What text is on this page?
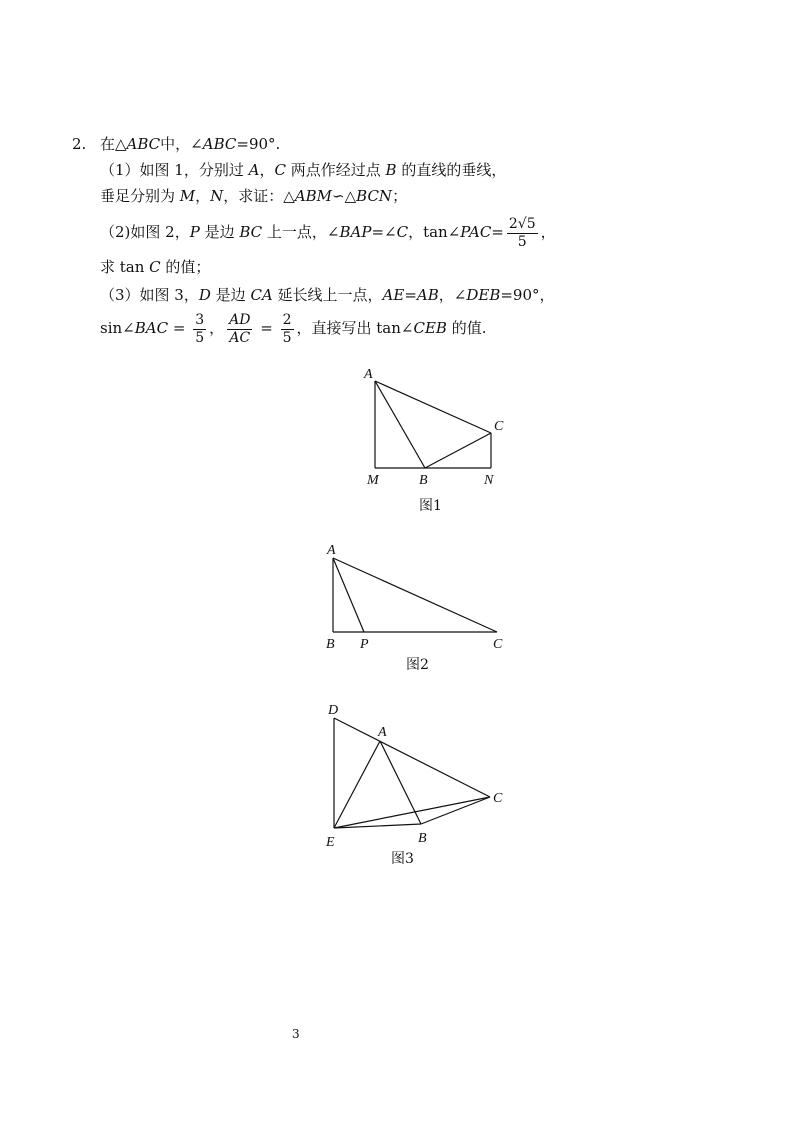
2. 在△ABC中，∠ABC=90°.
（1）如图 1，分别过 A，C 两点作经过点 B 的直线的垂线，
垂足分别为 M，N，求证：△ABM∽△BCN；
（2)如图 2，P 是边 BC 上一点，∠BAP=∠C，tan∠PAC= $\frac{2√5}{5}$ ，
求 tan C 的值；
（3）如图 3，D 是边 CA 延长线上一点，AE=AB，∠DEB=90°，
sin∠BAC = $\frac{3}{5}$ ， $\frac{AD}{AC} = \frac{2}{5}$ ，直接写出 tan∠CEB 的值.
A
C
M	B	N
A
B P	C
D
A
C
E	B
图1
图2
图3
3
